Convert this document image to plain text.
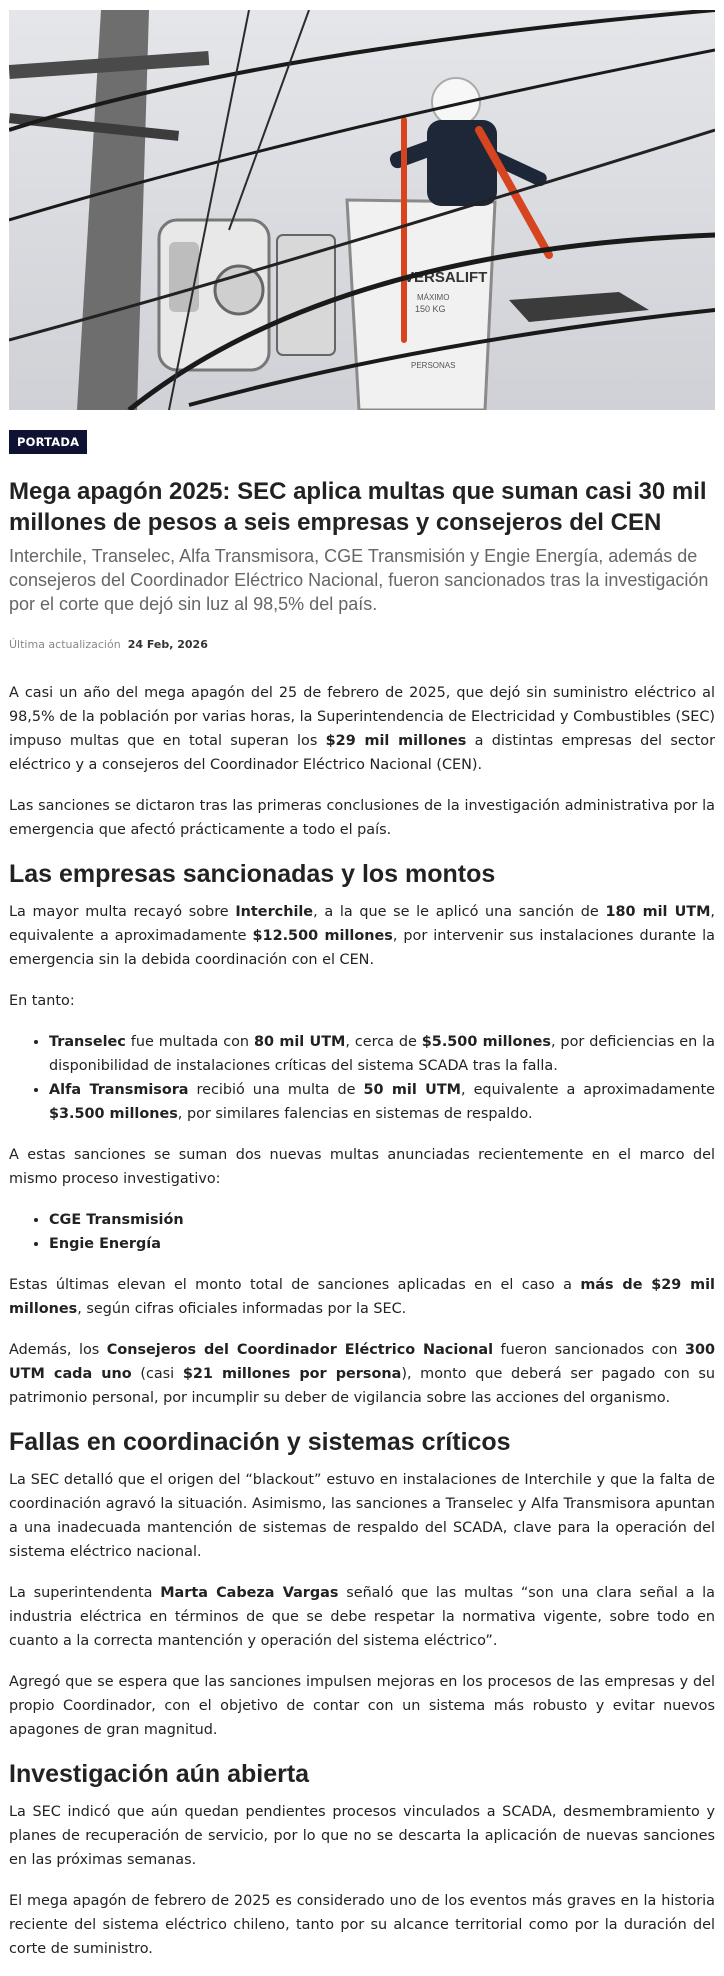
VERSALIFT
MÁXIMO
150 KG
PERSONAS
PORTADA
Mega apagón 2025: SEC aplica multas que suman casi 30 mil millones de pesos a seis empresas y consejeros del CEN

Interchile, Transelec, Alfa Transmisora, CGE Transmisión y Engie Energía, además de consejeros del Coordinador Eléctrico Nacional, fueron sancionados tras la investigación por el corte que dejó sin luz al 98,5% del país.

Última actualización 24 Feb, 2026

A casi un año del mega apagón del 25 de febrero de 2025, que dejó sin suministro eléctrico al 98,5% de la población por varias horas, la Superintendencia de Electricidad y Combustibles (SEC) impuso multas que en total superan los $29 mil millones a distintas empresas del sector eléctrico y a consejeros del Coordinador Eléctrico Nacional (CEN).

Las sanciones se dictaron tras las primeras conclusiones de la investigación administrativa por la emergencia que afectó prácticamente a todo el país.

Las empresas sancionadas y los montos

La mayor multa recayó sobre Interchile, a la que se le aplicó una sanción de 180 mil UTM, equivalente a aproximadamente $12.500 millones, por intervenir sus instalaciones durante la emergencia sin la debida coordinación con el CEN.

En tanto:

• Transelec fue multada con 80 mil UTM, cerca de $5.500 millones, por deficiencias en la disponibilidad de instalaciones críticas del sistema SCADA tras la falla.
• Alfa Transmisora recibió una multa de 50 mil UTM, equivalente a aproximadamente $3.500 millones, por similares falencias en sistemas de respaldo.

A estas sanciones se suman dos nuevas multas anunciadas recientemente en el marco del mismo proceso investigativo:

• CGE Transmisión
• Engie Energía

Estas últimas elevan el monto total de sanciones aplicadas en el caso a más de $29 mil millones, según cifras oficiales informadas por la SEC.

Además, los Consejeros del Coordinador Eléctrico Nacional fueron sancionados con 300 UTM cada uno (casi $21 millones por persona), monto que deberá ser pagado con su patrimonio personal, por incumplir su deber de vigilancia sobre las acciones del organismo.

Fallas en coordinación y sistemas críticos

La SEC detalló que el origen del “blackout” estuvo en instalaciones de Interchile y que la falta de coordinación agravó la situación. Asimismo, las sanciones a Transelec y Alfa Transmisora apuntan a una inadecuada mantención de sistemas de respaldo del SCADA, clave para la operación del sistema eléctrico nacional.

La superintendenta Marta Cabeza Vargas señaló que las multas “son una clara señal a la industria eléctrica en términos de que se debe respetar la normativa vigente, sobre todo en cuanto a la correcta mantención y operación del sistema eléctrico”.

Agregó que se espera que las sanciones impulsen mejoras en los procesos de las empresas y del propio Coordinador, con el objetivo de contar con un sistema más robusto y evitar nuevos apagones de gran magnitud.

Investigación aún abierta

La SEC indicó que aún quedan pendientes procesos vinculados a SCADA, desmembramiento y planes de recuperación de servicio, por lo que no se descarta la aplicación de nuevas sanciones en las próximas semanas.

El mega apagón de febrero de 2025 es considerado uno de los eventos más graves en la historia reciente del sistema eléctrico chileno, tanto por su alcance territorial como por la duración del corte de suministro.
